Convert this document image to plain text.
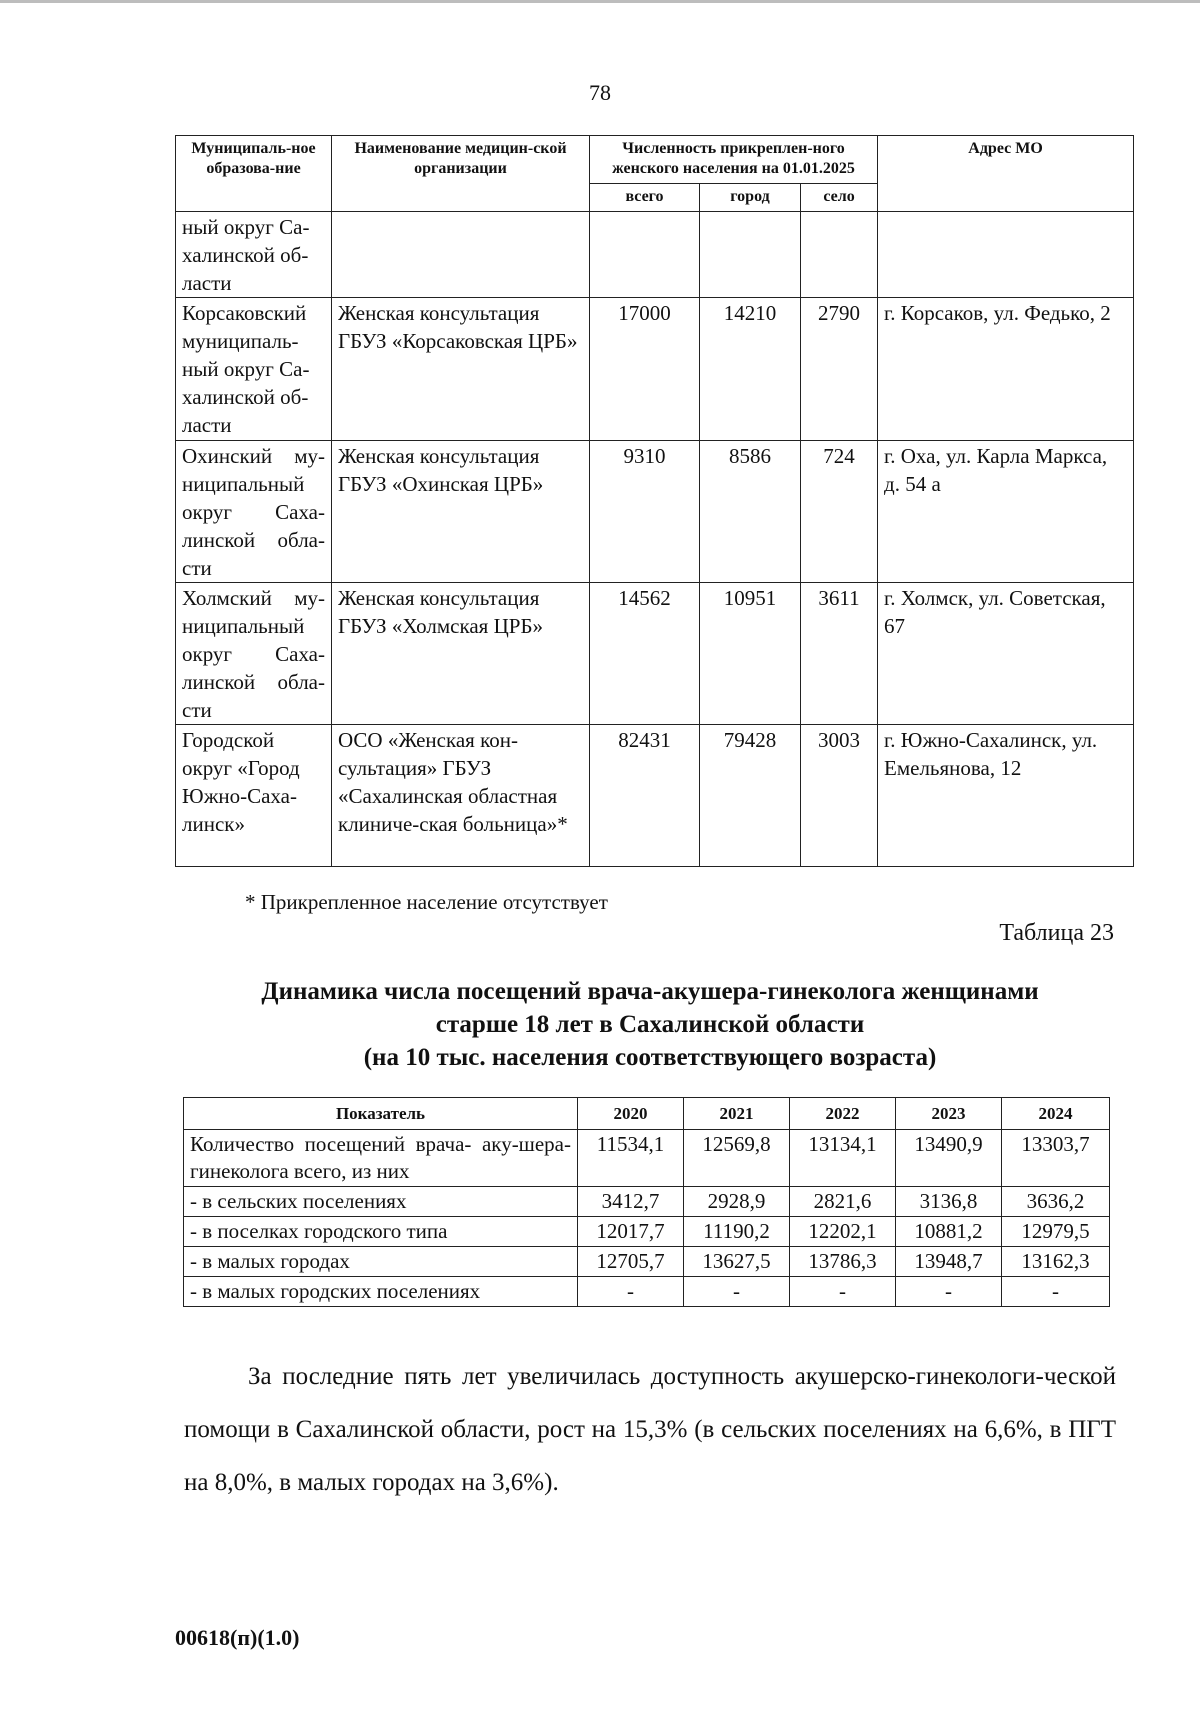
78
Муниципаль-ное образова-ние	Наименование медицин-ской организации	Численность прикреплен-ного женского населения на 01.01.2025			Адрес МО
		всего	город	село	
ный округ Са-халинской об-ласти					
Корсаковский муниципаль-ный округ Са-халинской об-ласти	Женская консультация ГБУЗ «Корсаковская ЦРБ»	17000	14210	2790	г. Корсаков, ул. Федько, 2
Охинский му-ниципальный округ Саха-линской обла-сти	Женская консультация ГБУЗ «Охинская ЦРБ»	9310	8586	724	г. Оха, ул. Карла Маркса, д. 54 а
Холмский му-ниципальный округ Саха-линской обла-сти	Женская консультация ГБУЗ «Холмская ЦРБ»	14562	10951	3611	г. Холмск, ул. Советская, 67
Городской округ «Город Южно-Саха-линск»	ОСО «Женская кон-сультация» ГБУЗ «Сахалинская областная клиниче-ская больница»*	82431	79428	3003	г. Южно-Сахалинск, ул. Емельянова, 12
* Прикрепленное население отсутствует
Таблица 23
Динамика числа посещений врача-акушера-гинеколога женщинами
старше 18 лет в Сахалинской области
(на 10 тыс. населения соответствующего возраста)
Показатель	2020	2021	2022	2023	2024
Количество посещений врача- аку-шера-гинеколога всего, из них	11534,1	12569,8	13134,1	13490,9	13303,7
- в сельских поселениях	3412,7	2928,9	2821,6	3136,8	3636,2
- в поселках городского типа	12017,7	11190,2	12202,1	10881,2	12979,5
- в малых городах	12705,7	13627,5	13786,3	13948,7	13162,3
- в малых городских поселениях	-	-	-	-	-

За последние пять лет увеличилась доступность акушерско-гинекологи-ческой помощи в Сахалинской области, рост на 15,3% (в сельских поселениях на 6,6%, в ПГТ на 8,0%, в малых городах на 3,6%).

00618(п)(1.0)
